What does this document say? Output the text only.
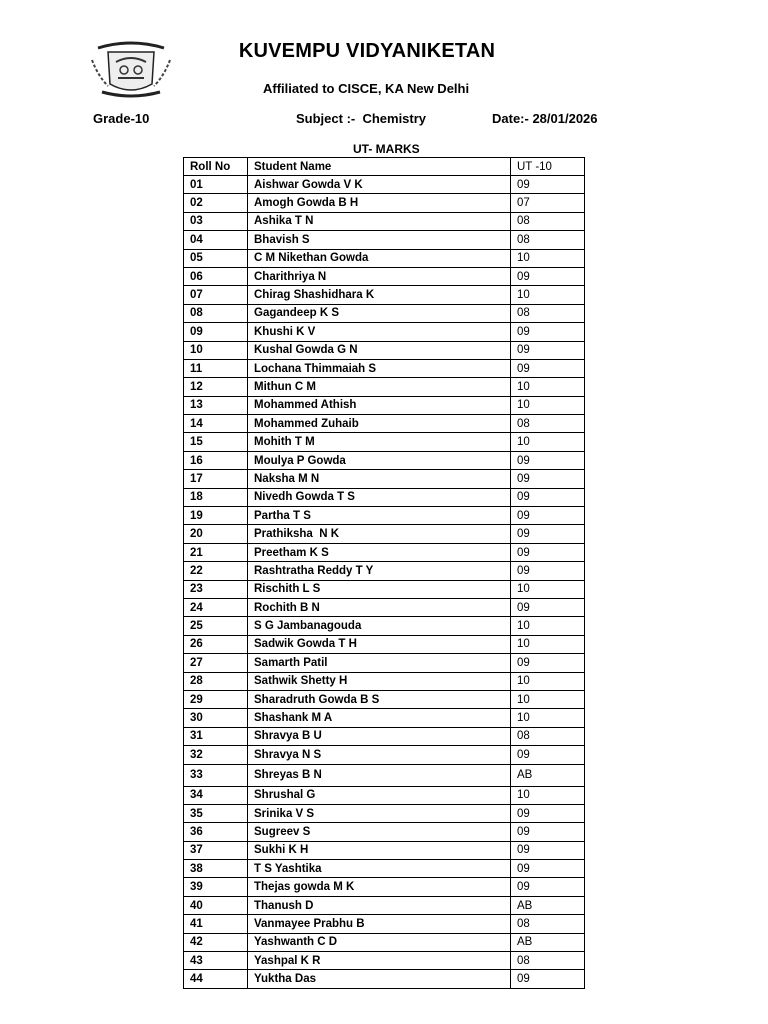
KUVEMPU VIDYANIKETAN
Affiliated to CISCE, KA New Delhi
Grade-10	Subject :-  Chemistry	Date:- 28/01/2026
UT- MARKS
Roll No	Student Name	UT -10
01	Aishwar Gowda V K	09
02	Amogh Gowda B H	07
03	Ashika T N	08
04	Bhavish S	08
05	C M Nikethan Gowda	10
06	Charithriya N	09
07	Chirag Shashidhara K	10
08	Gagandeep K S	08
09	Khushi K V	09
10	Kushal Gowda G N	09
11	Lochana Thimmaiah S	09
12	Mithun C M	10
13	Mohammed Athish	10
14	Mohammed Zuhaib	08
15	Mohith T M	10
16	Moulya P Gowda	09
17	Naksha M N	09
18	Nivedh Gowda T S	09
19	Partha T S	09
20	Prathiksha  N K	09
21	Preetham K S	09
22	Rashtratha Reddy T Y	09
23	Rischith L S	10
24	Rochith B N	09
25	S G Jambanagouda	10
26	Sadwik Gowda T H	10
27	Samarth Patil	09
28	Sathwik Shetty H	10
29	Sharadruth Gowda B S	10
30	Shashank M A	10
31	Shravya B U	08
32	Shravya N S	09
33	Shreyas B N	AB
34	Shrushal G	10
35	Srinika V S	09
36	Sugreev S	09
37	Sukhi K H	09
38	T S Yashtika	09
39	Thejas gowda M K	09
40	Thanush D	AB
41	Vanmayee Prabhu B	08
42	Yashwanth C D	AB
43	Yashpal K R	08
44	Yuktha Das	09
